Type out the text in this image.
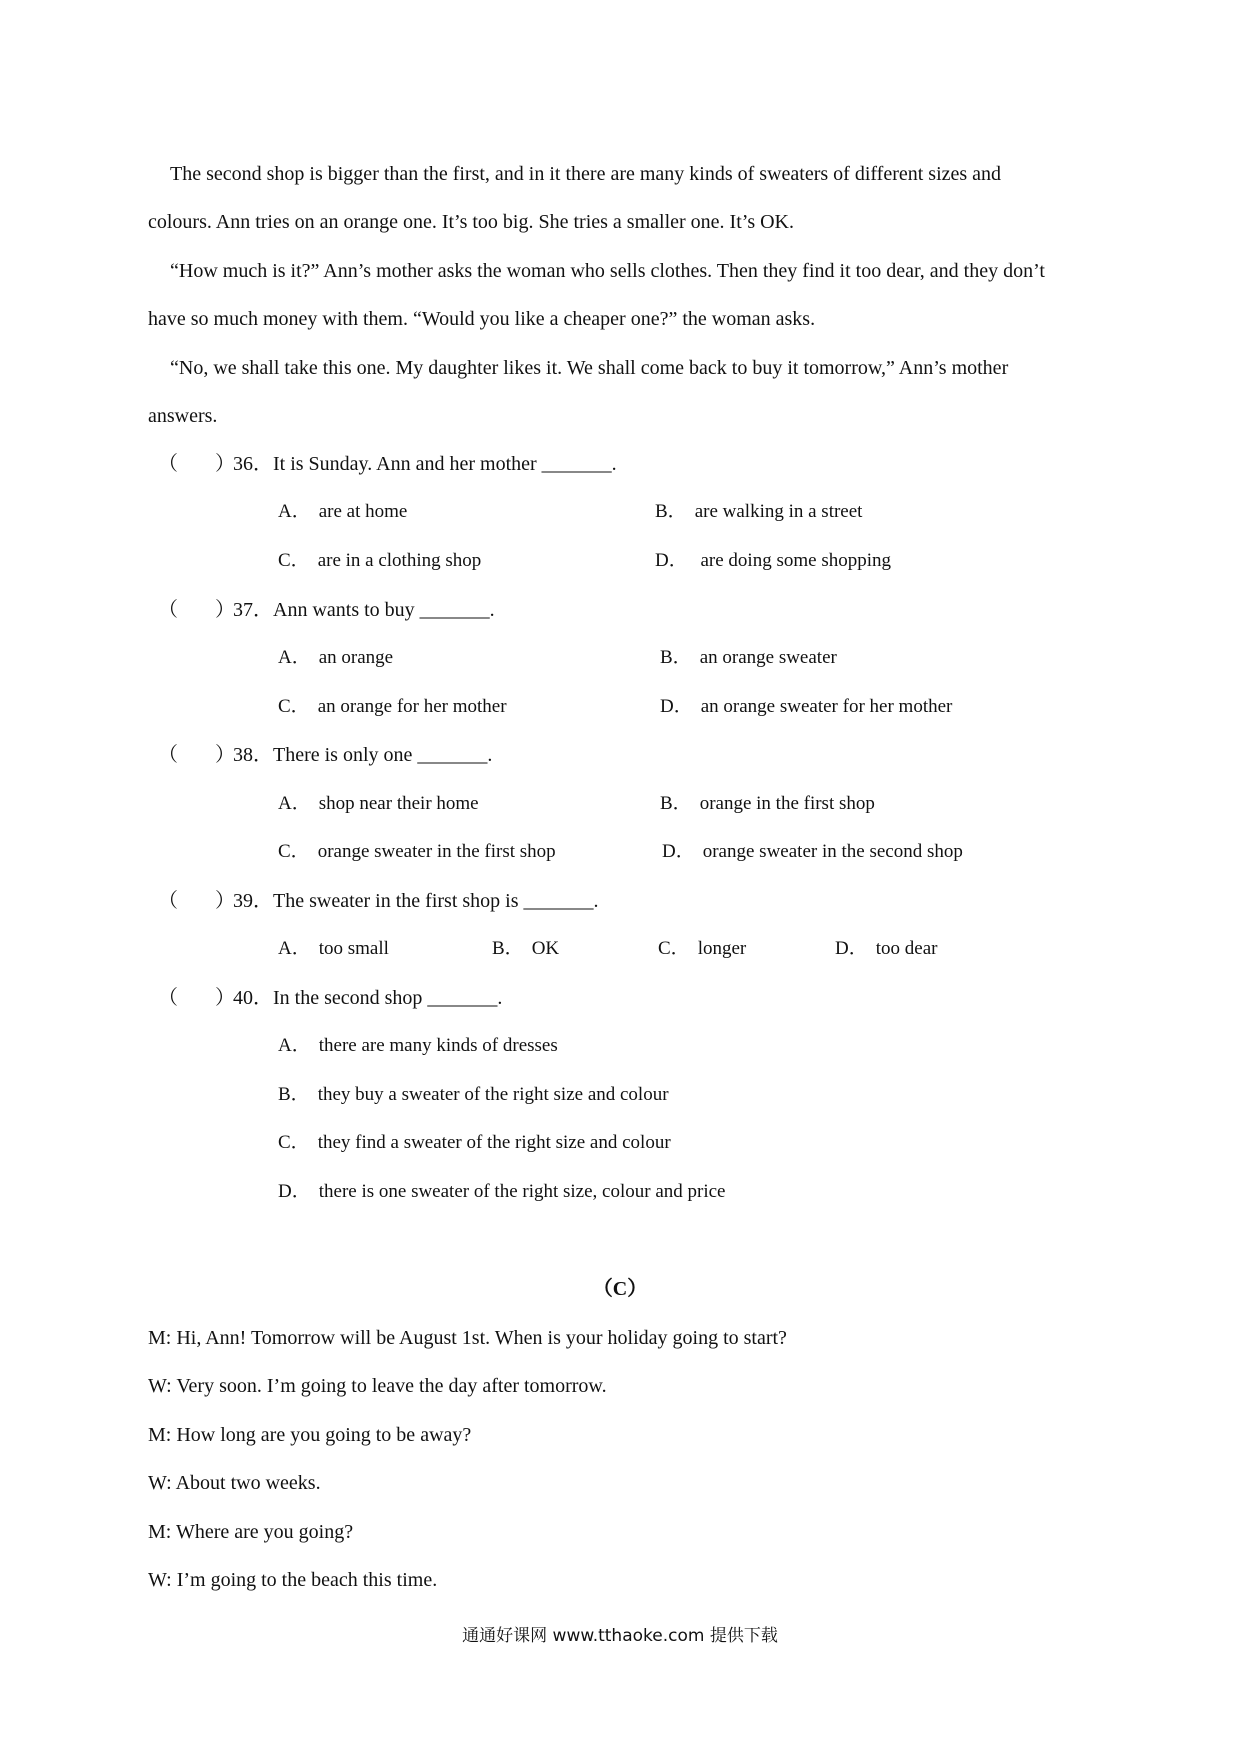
The second shop is bigger than the first, and in it there are many kinds of sweaters of different sizes and
colours. Ann tries on an orange one. It’s too big. She tries a smaller one. It’s OK.
“How much is it?” Ann’s mother asks the woman who sells clothes. Then they find it too dear, and they don’t
have so much money with them. “Would you like a cheaper one?” the woman asks.
“No, we shall take this one. My daughter likes it. We shall come back to buy it tomorrow,” Ann’s mother
answers.
（ ）
36．It is Sunday. Ann and her mother _______.
A． are at home	B． are walking in a street
C． are in a clothing shop	D． are doing some shopping
（ ）
37．Ann wants to buy _______.
A． an orange	B． an orange sweater
C． an orange for her mother	D． an orange sweater for her mother
（ ）
38．There is only one _______.
A． shop near their home	B． orange in the first shop
C． orange sweater in the first shop	D． orange sweater in the second shop
（ ）
39．The sweater in the first shop is _______.
A． too small	B． OK	C． longer	D． too dear
（ ）
40．In the second shop _______.
A． there are many kinds of dresses
B． they buy a sweater of the right size and colour
C． they find a sweater of the right size and colour
D． there is one sweater of the right size, colour and price
（C）
M: Hi, Ann! Tomorrow will be August 1st. When is your holiday going to start?
W: Very soon. I’m going to leave the day after tomorrow.
M: How long are you going to be away?
W: About two weeks.
M: Where are you going?
W: I’m going to the beach this time.
通通好课网 www.tthaoke.com 提供下载
